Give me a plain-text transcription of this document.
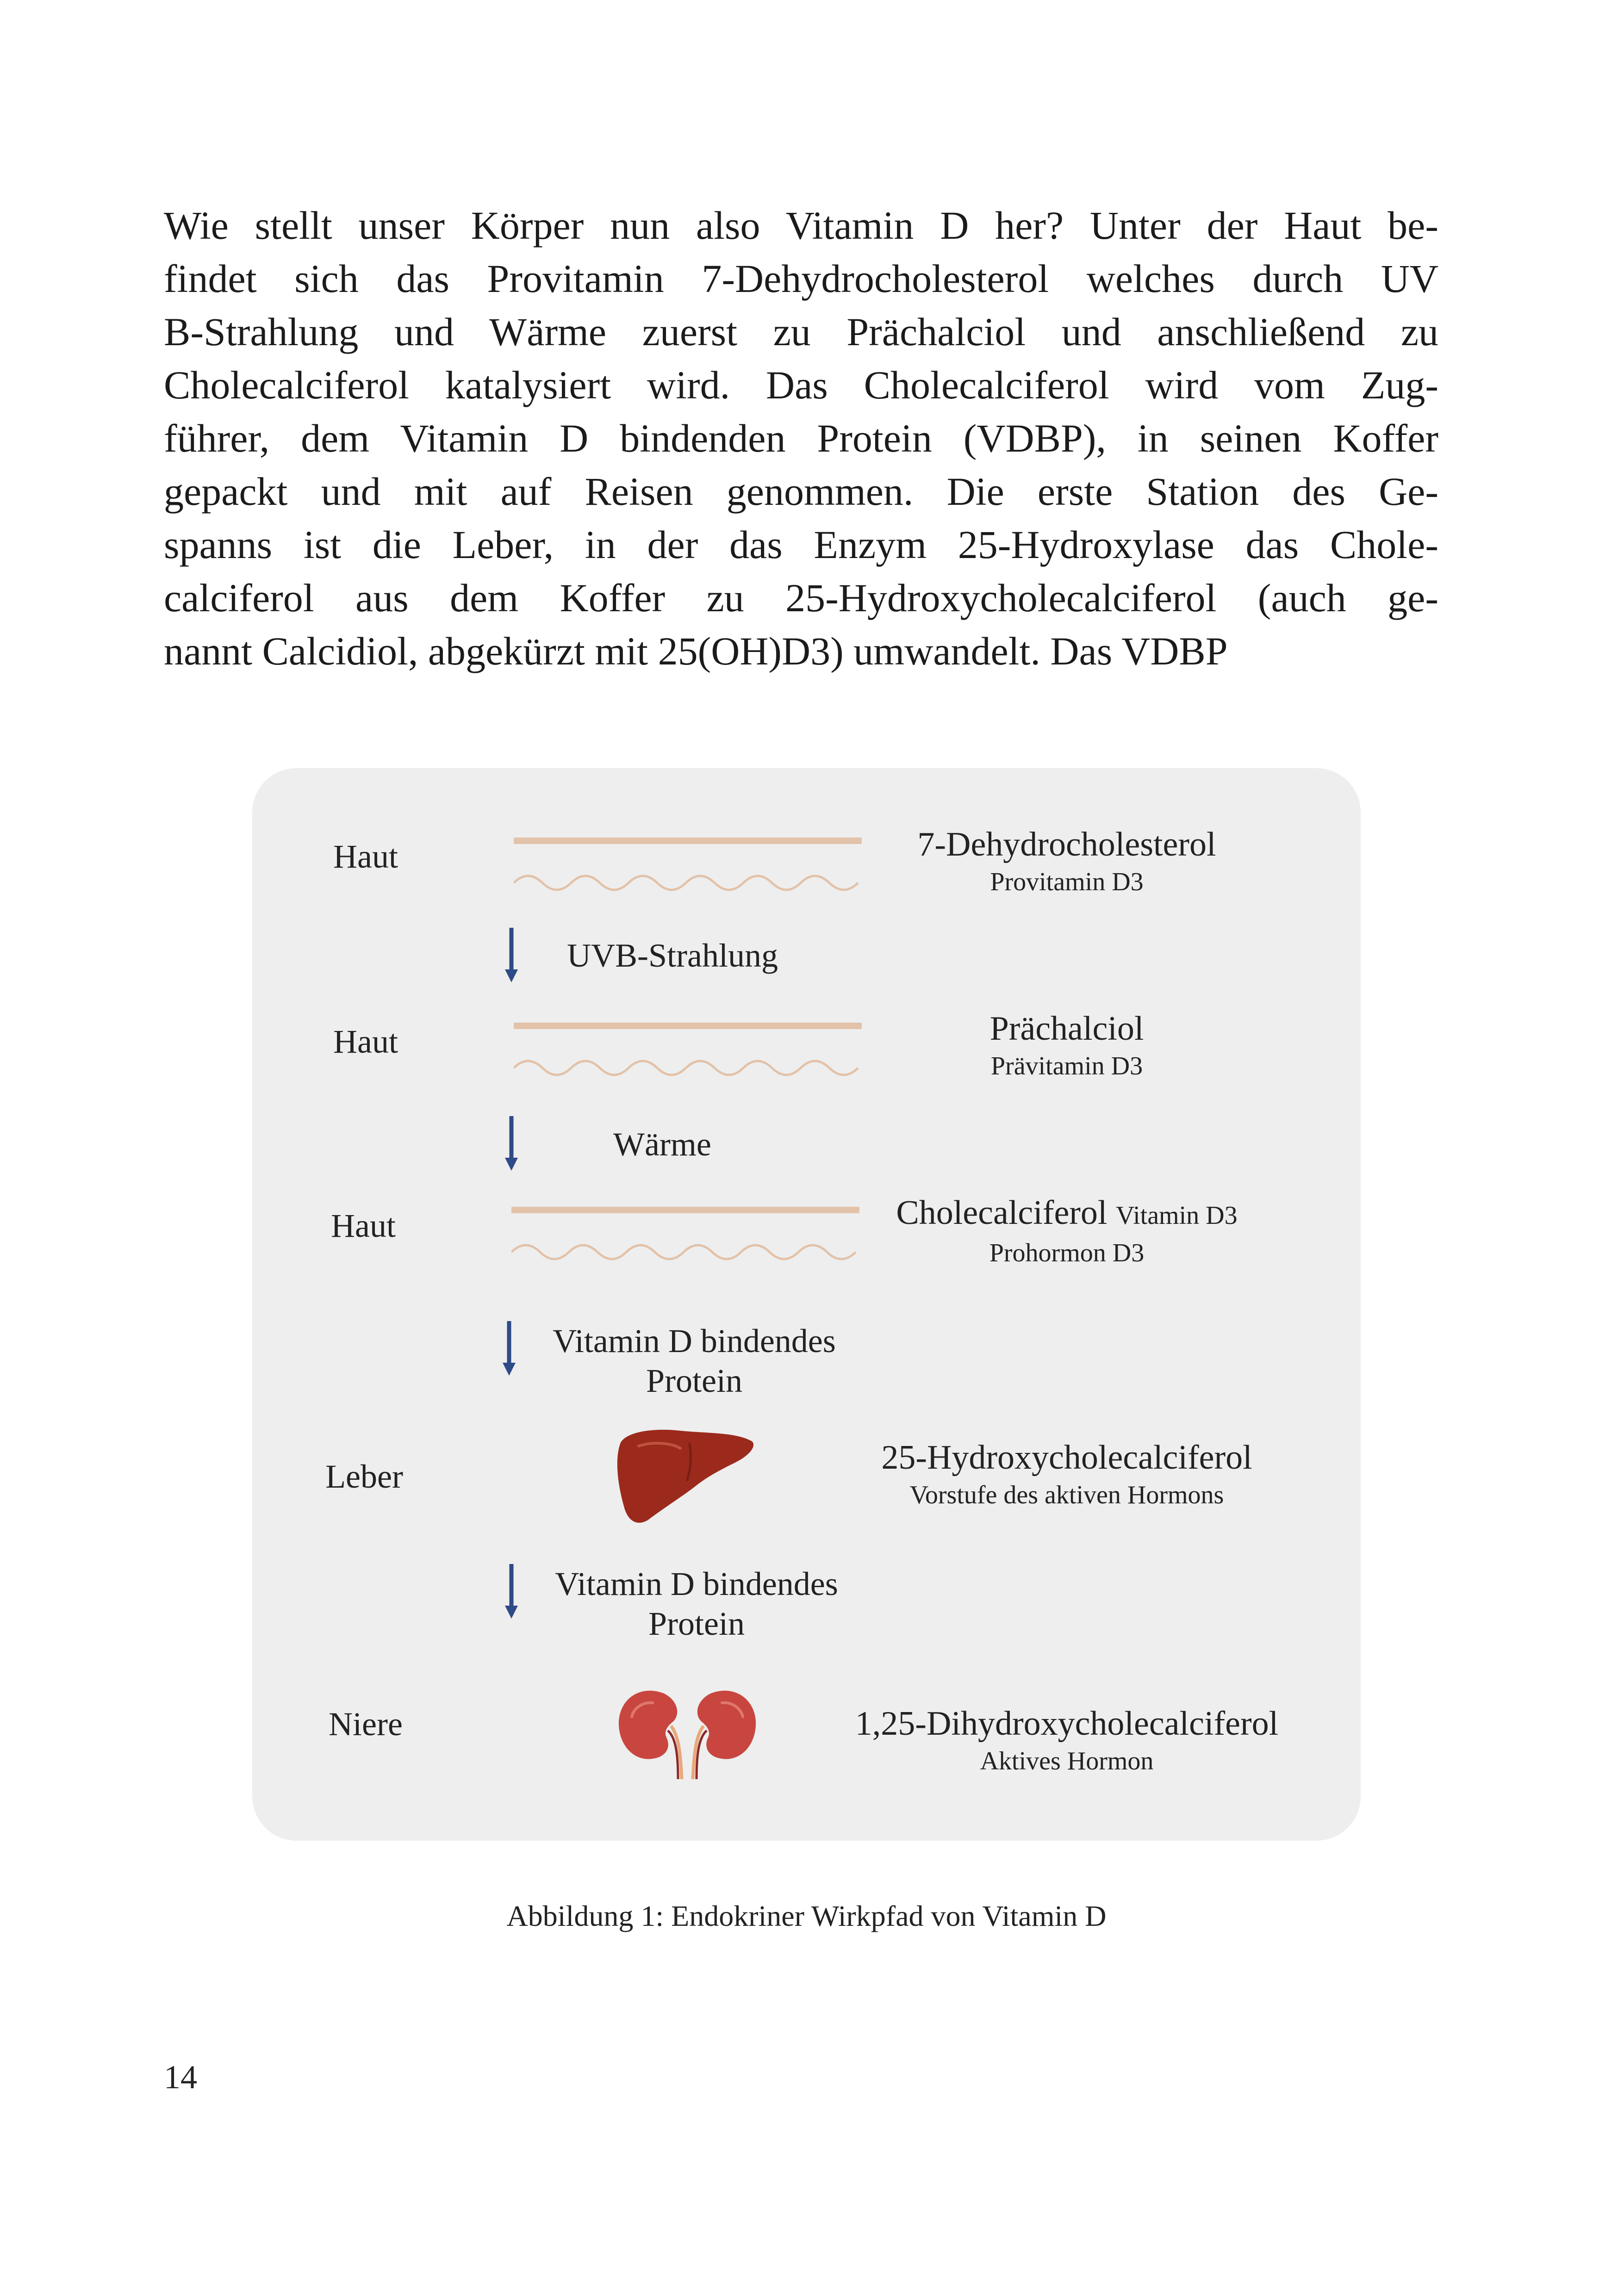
Wie stellt unser Körper nun also Vitamin D her? Unter der Haut be-
findet sich das Provitamin 7-Dehydrocholesterol welches durch UV
B-Strahlung und Wärme zuerst zu Prächalciol und anschließend zu
Cholecalciferol katalysiert wird. Das Cholecalciferol wird vom Zug-
führer, dem Vitamin D bindenden Protein (VDBP), in seinen Koffer
gepackt und mit auf Reisen genommen. Die erste Station des Ge-
spanns ist die Leber, in der das Enzym 25-Hydroxylase das Chole-
calciferol aus dem Koffer zu 25-Hydroxycholecalciferol (auch ge-
nannt Calcidiol, abgekürzt mit 25(OH)D3) umwandelt. Das VDBP
Haut	7-Dehydrocholesterol
Provitamin D3
UVB-Strahlung
Haut	Prächalciol
Prävitamin D3
Wärme
Haut	Cholecalciferol Vitamin D3
Prohormon D3
Vitamin D bindendes
Protein
Leber	25-Hydroxycholecalciferol
Vorstufe des aktiven Hormons
Vitamin D bindendes
Protein
Niere	1,25-Dihydroxycholecalciferol
Aktives Hormon
Abbildung 1: Endokriner Wirkpfad von Vitamin D
14
